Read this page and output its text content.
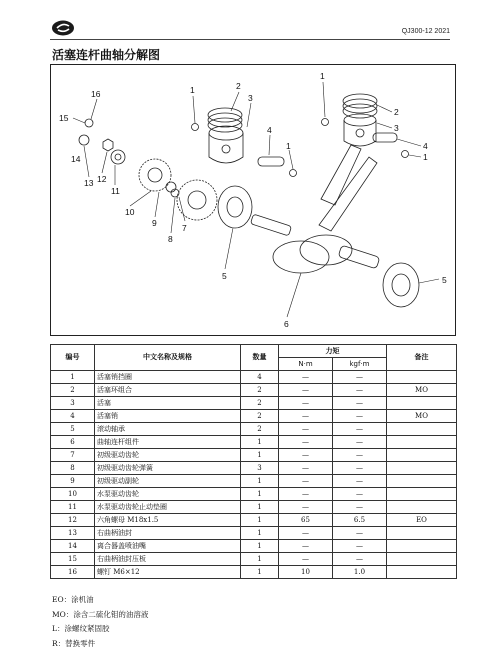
QJ300-12 2021
活塞连杆曲轴分解图
1	2
3
4
1
1
2
3
4
1
5
6
5
7
8
9
10
11
12
13
14
15
16
编号	中文名称及规格	数量	力矩		备注
			N·m	kgf·m	
1	活塞销挡圈	4	—	—	
2	活塞环组合	2	—	—	MO
3	活塞	2	—	—	
4	活塞销	2	—	—	MO
5	滚动轴承	2	—	—	
6	曲轴连杆组件	1	—	—	
7	初级驱动齿轮	1	—	—	
8	初级驱动齿轮弹簧	3	—	—	
9	初级驱动副轮	1	—	—	
10	水泵驱动齿轮	1	—	—	
11	水泵驱动齿轮止动垫圈	1	—	—	
12	六角螺母 M18x1.5	1	65	6.5	EO
13	右曲柄油封	1	—	—	
14	离合器盖喷油嘴	1	—	—	
15	右曲柄油封压板	1	—	—	
16	螺钉 M6×12	1	10	1.0	
EO：涂机油
MO：涂含二硫化钼的油溶液
L：涂螺纹紧固胶
R：替换零件
